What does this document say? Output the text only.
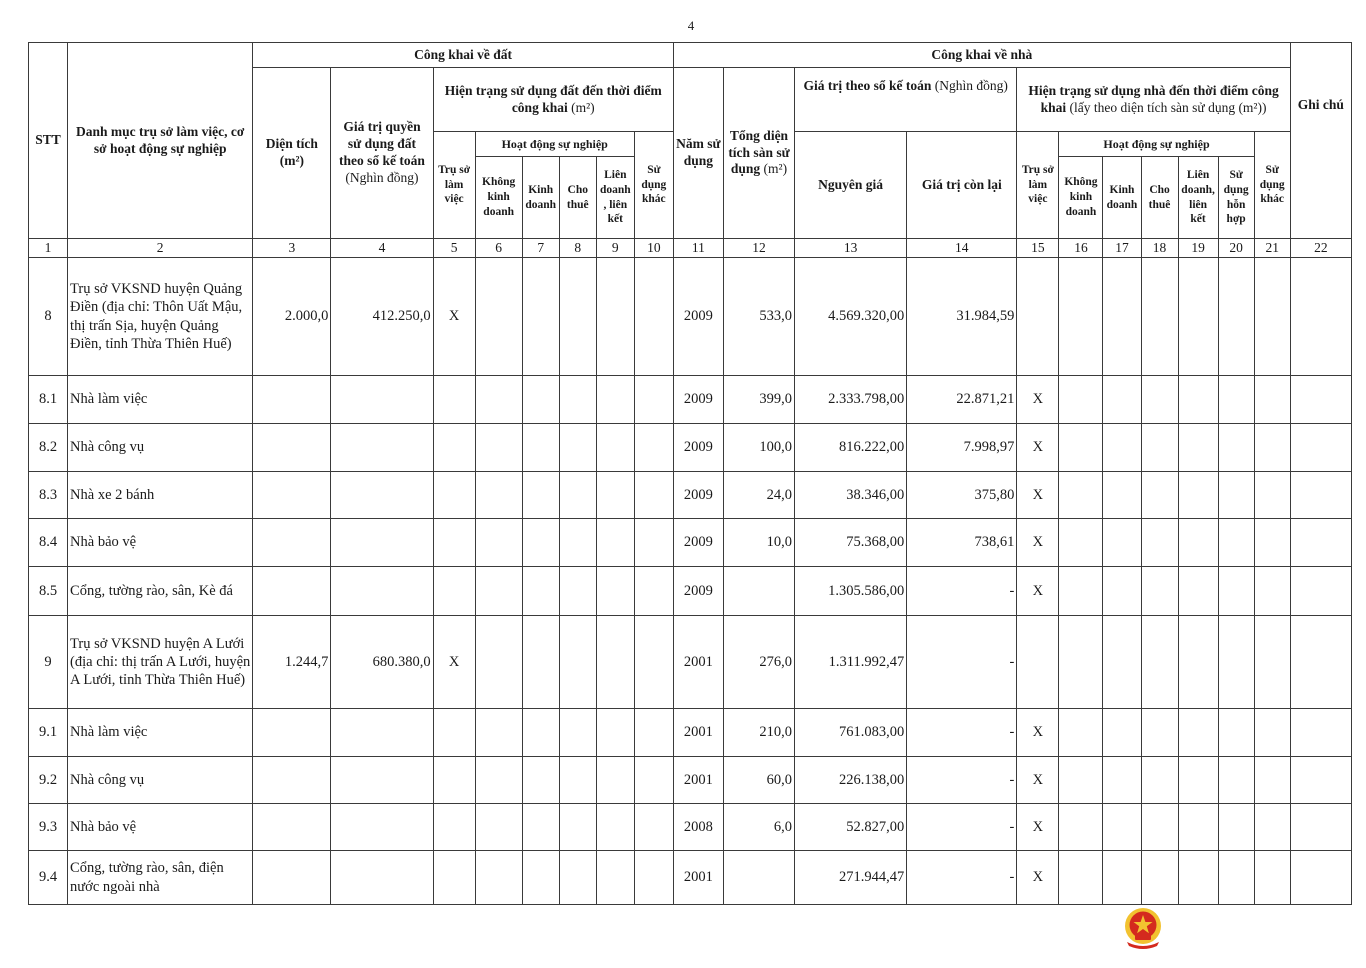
4
STT	Danh mục trụ sở làm việc, cơ sở hoạt động sự nghiệp	Công khai về đất								Công khai về nhà											Ghi chú
		Diện tích (m²)	Giá trị quyền sử dụng đất theo sổ kế toán (Nghìn đồng)	Hiện trạng sử dụng đất đến thời điểm công khai (m²)						Năm sử dụng	Tổng diện tích sàn sử dụng (m²)	Giá trị theo sổ kế toán (Nghìn đồng)		Hiện trạng sử dụng nhà đến thời điểm công khai (lấy theo diện tích sàn sử dụng (m²))							
				Trụ sở làm việc	Hoạt động sự nghiệp				Sử dụng khác			Nguyên giá	Giá trị còn lại	Trụ sở làm việc	Hoạt động sự nghiệp					Sử dụng khác	
					Không kinh doanh	Kinh doanh	Cho thuê	Liên doanh , liên kết							Không kinh doanh	Kinh doanh	Cho thuê	Liên doanh, liên kết	Sử dụng hỗn hợp		
1	2	3	4	5	6	7	8	9	10	11	12	13	14	15	16	17	18	19	20	21	22
8	Trụ sở VKSND huyện Quảng Điền (địa chỉ: Thôn Uất Mậu, thị trấn Sịa, huyện Quảng Điền, tỉnh Thừa Thiên Huế)	2.000,0	412.250,0	X						2009	533,0	4.569.320,00	31.984,59								
8.1	Nhà làm việc									2009	399,0	2.333.798,00	22.871,21	X							
8.2	Nhà công vụ									2009	100,0	816.222,00	7.998,97	X							
8.3	Nhà xe 2 bánh									2009	24,0	38.346,00	375,80	X							
8.4	Nhà bảo vệ									2009	10,0	75.368,00	738,61	X							
8.5	Cổng, tường rào, sân, Kè đá									2009		1.305.586,00	-	X							
9	Trụ sở VKSND huyện A Lưới (địa chỉ: thị trấn A Lưới, huyện A Lưới, tỉnh Thừa Thiên Huế)	1.244,7	680.380,0	X						2001	276,0	1.311.992,47	-								
9.1	Nhà làm việc									2001	210,0	761.083,00	-	X							
9.2	Nhà công vụ									2001	60,0	226.138,00	-	X							
9.3	Nhà bảo vệ									2008	6,0	52.827,00	-	X							
9.4	Cổng, tường rào, sân, điện nước ngoài nhà									2001		271.944,47	-	X							
